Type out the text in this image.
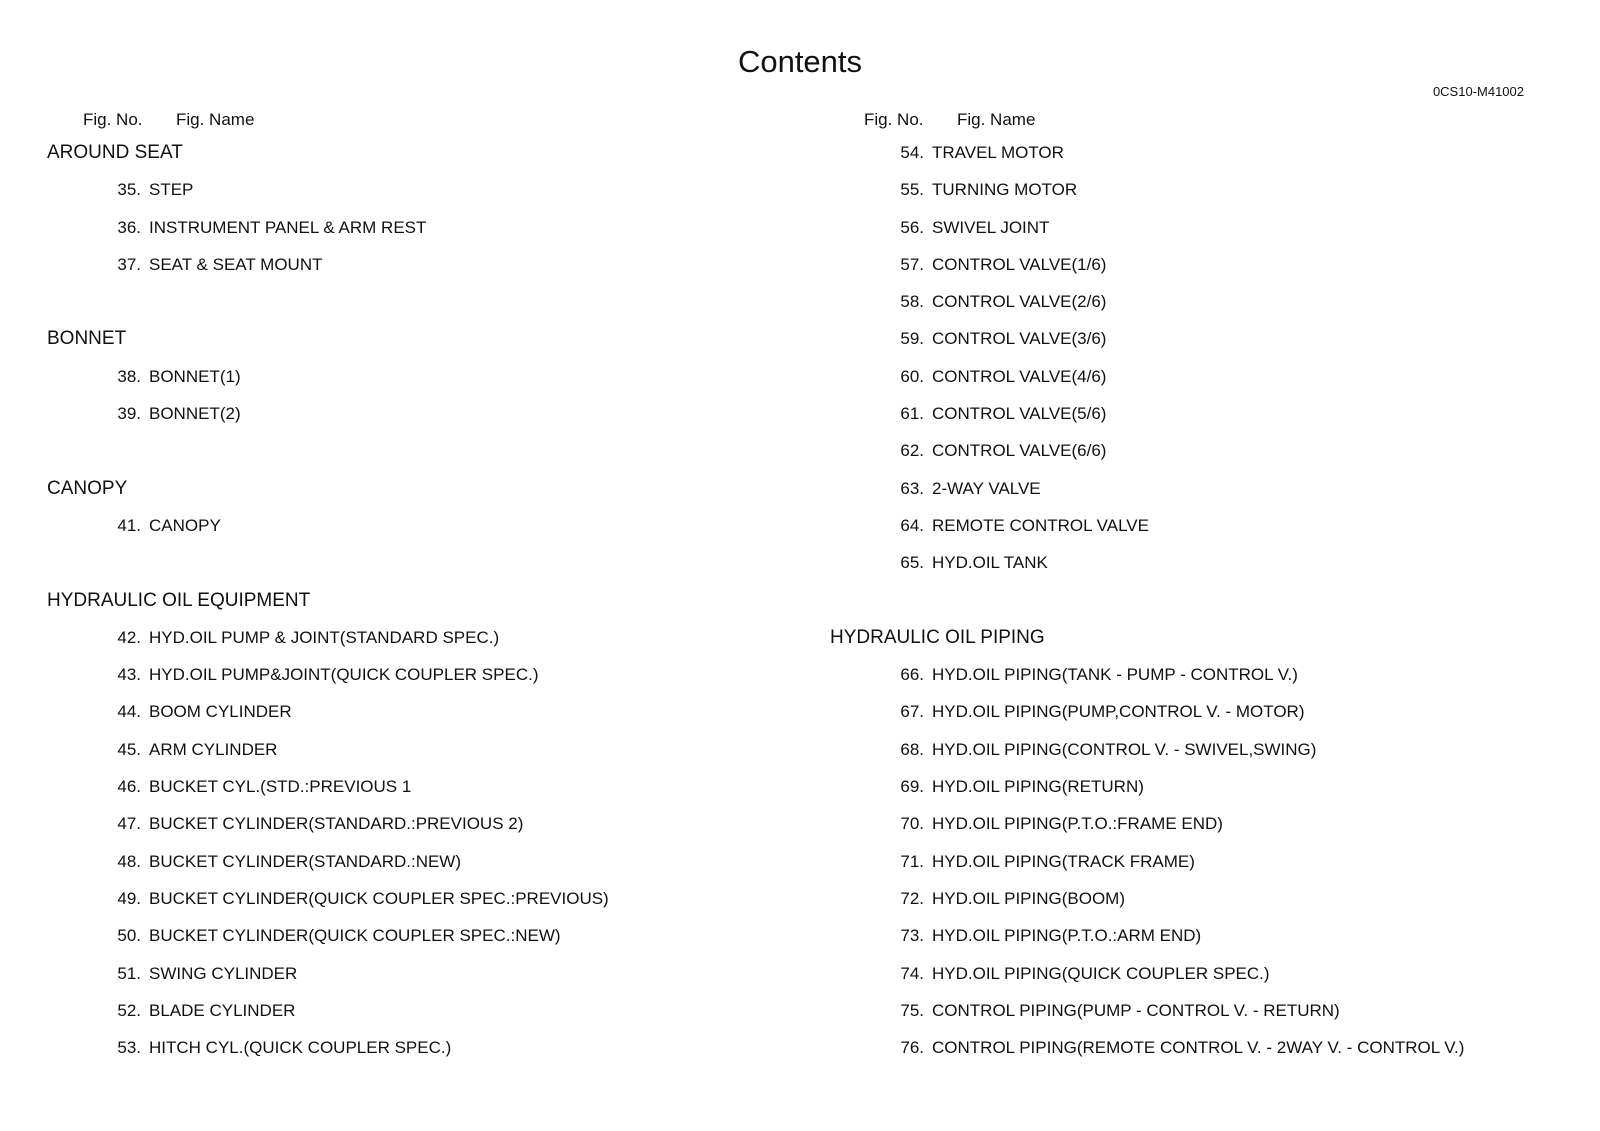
Contents
0CS10-M41002
Fig. No. Fig. Name	Fig. No. Fig. Name
AROUND SEAT
35. STEP
36. INSTRUMENT PANEL & ARM REST
37. SEAT & SEAT MOUNT
BONNET
38. BONNET(1)
39. BONNET(2)
CANOPY
41. CANOPY
HYDRAULIC OIL EQUIPMENT
42. HYD.OIL PUMP & JOINT(STANDARD SPEC.)
43. HYD.OIL PUMP&JOINT(QUICK COUPLER SPEC.)
44. BOOM CYLINDER
45. ARM CYLINDER
46. BUCKET CYL.(STD.:PREVIOUS 1
47. BUCKET CYLINDER(STANDARD.:PREVIOUS 2)
48. BUCKET CYLINDER(STANDARD.:NEW)
49. BUCKET CYLINDER(QUICK COUPLER SPEC.:PREVIOUS)
50. BUCKET CYLINDER(QUICK COUPLER SPEC.:NEW)
51. SWING CYLINDER
52. BLADE CYLINDER
53. HITCH CYL.(QUICK COUPLER SPEC.)
54. TRAVEL MOTOR
55. TURNING MOTOR
56. SWIVEL JOINT
57. CONTROL VALVE(1/6)
58. CONTROL VALVE(2/6)
59. CONTROL VALVE(3/6)
60. CONTROL VALVE(4/6)
61. CONTROL VALVE(5/6)
62. CONTROL VALVE(6/6)
63. 2-WAY VALVE
64. REMOTE CONTROL VALVE
65. HYD.OIL TANK
HYDRAULIC OIL PIPING
66. HYD.OIL PIPING(TANK - PUMP - CONTROL V.)
67. HYD.OIL PIPING(PUMP,CONTROL V. - MOTOR)
68. HYD.OIL PIPING(CONTROL V. - SWIVEL,SWING)
69. HYD.OIL PIPING(RETURN)
70. HYD.OIL PIPING(P.T.O.:FRAME END)
71. HYD.OIL PIPING(TRACK FRAME)
72. HYD.OIL PIPING(BOOM)
73. HYD.OIL PIPING(P.T.O.:ARM END)
74. HYD.OIL PIPING(QUICK COUPLER SPEC.)
75. CONTROL PIPING(PUMP - CONTROL V. - RETURN)
76. CONTROL PIPING(REMOTE CONTROL V. - 2WAY V. - CONTROL V.)
